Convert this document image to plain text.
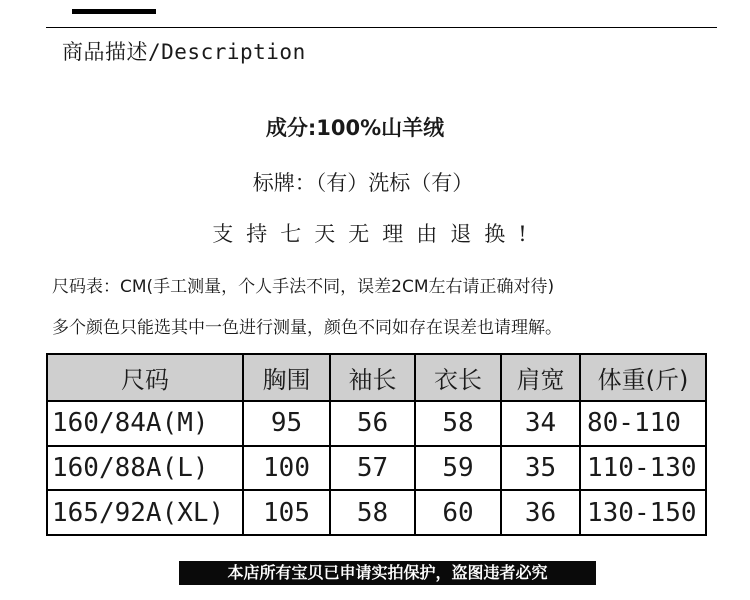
商品描述/Description
成分:100%山羊绒
标牌：（有）洗标（有）
支持七天无理由退换!
尺码表：CM(手工测量，个人手法不同，误差2CM左右请正确对待)
多个颜色只能选其中一色进行测量，颜色不同如存在误差也请理解。
尺码	胸围	袖长	衣长	肩宽	体重(斤)
160/84A(M)	95	56	58	34	80-110
160/88A(L)	100	57	59	35	110-130
165/92A(XL)	105	58	60	36	130-150
本店所有宝贝已申请实拍保护，盗图违者必究
